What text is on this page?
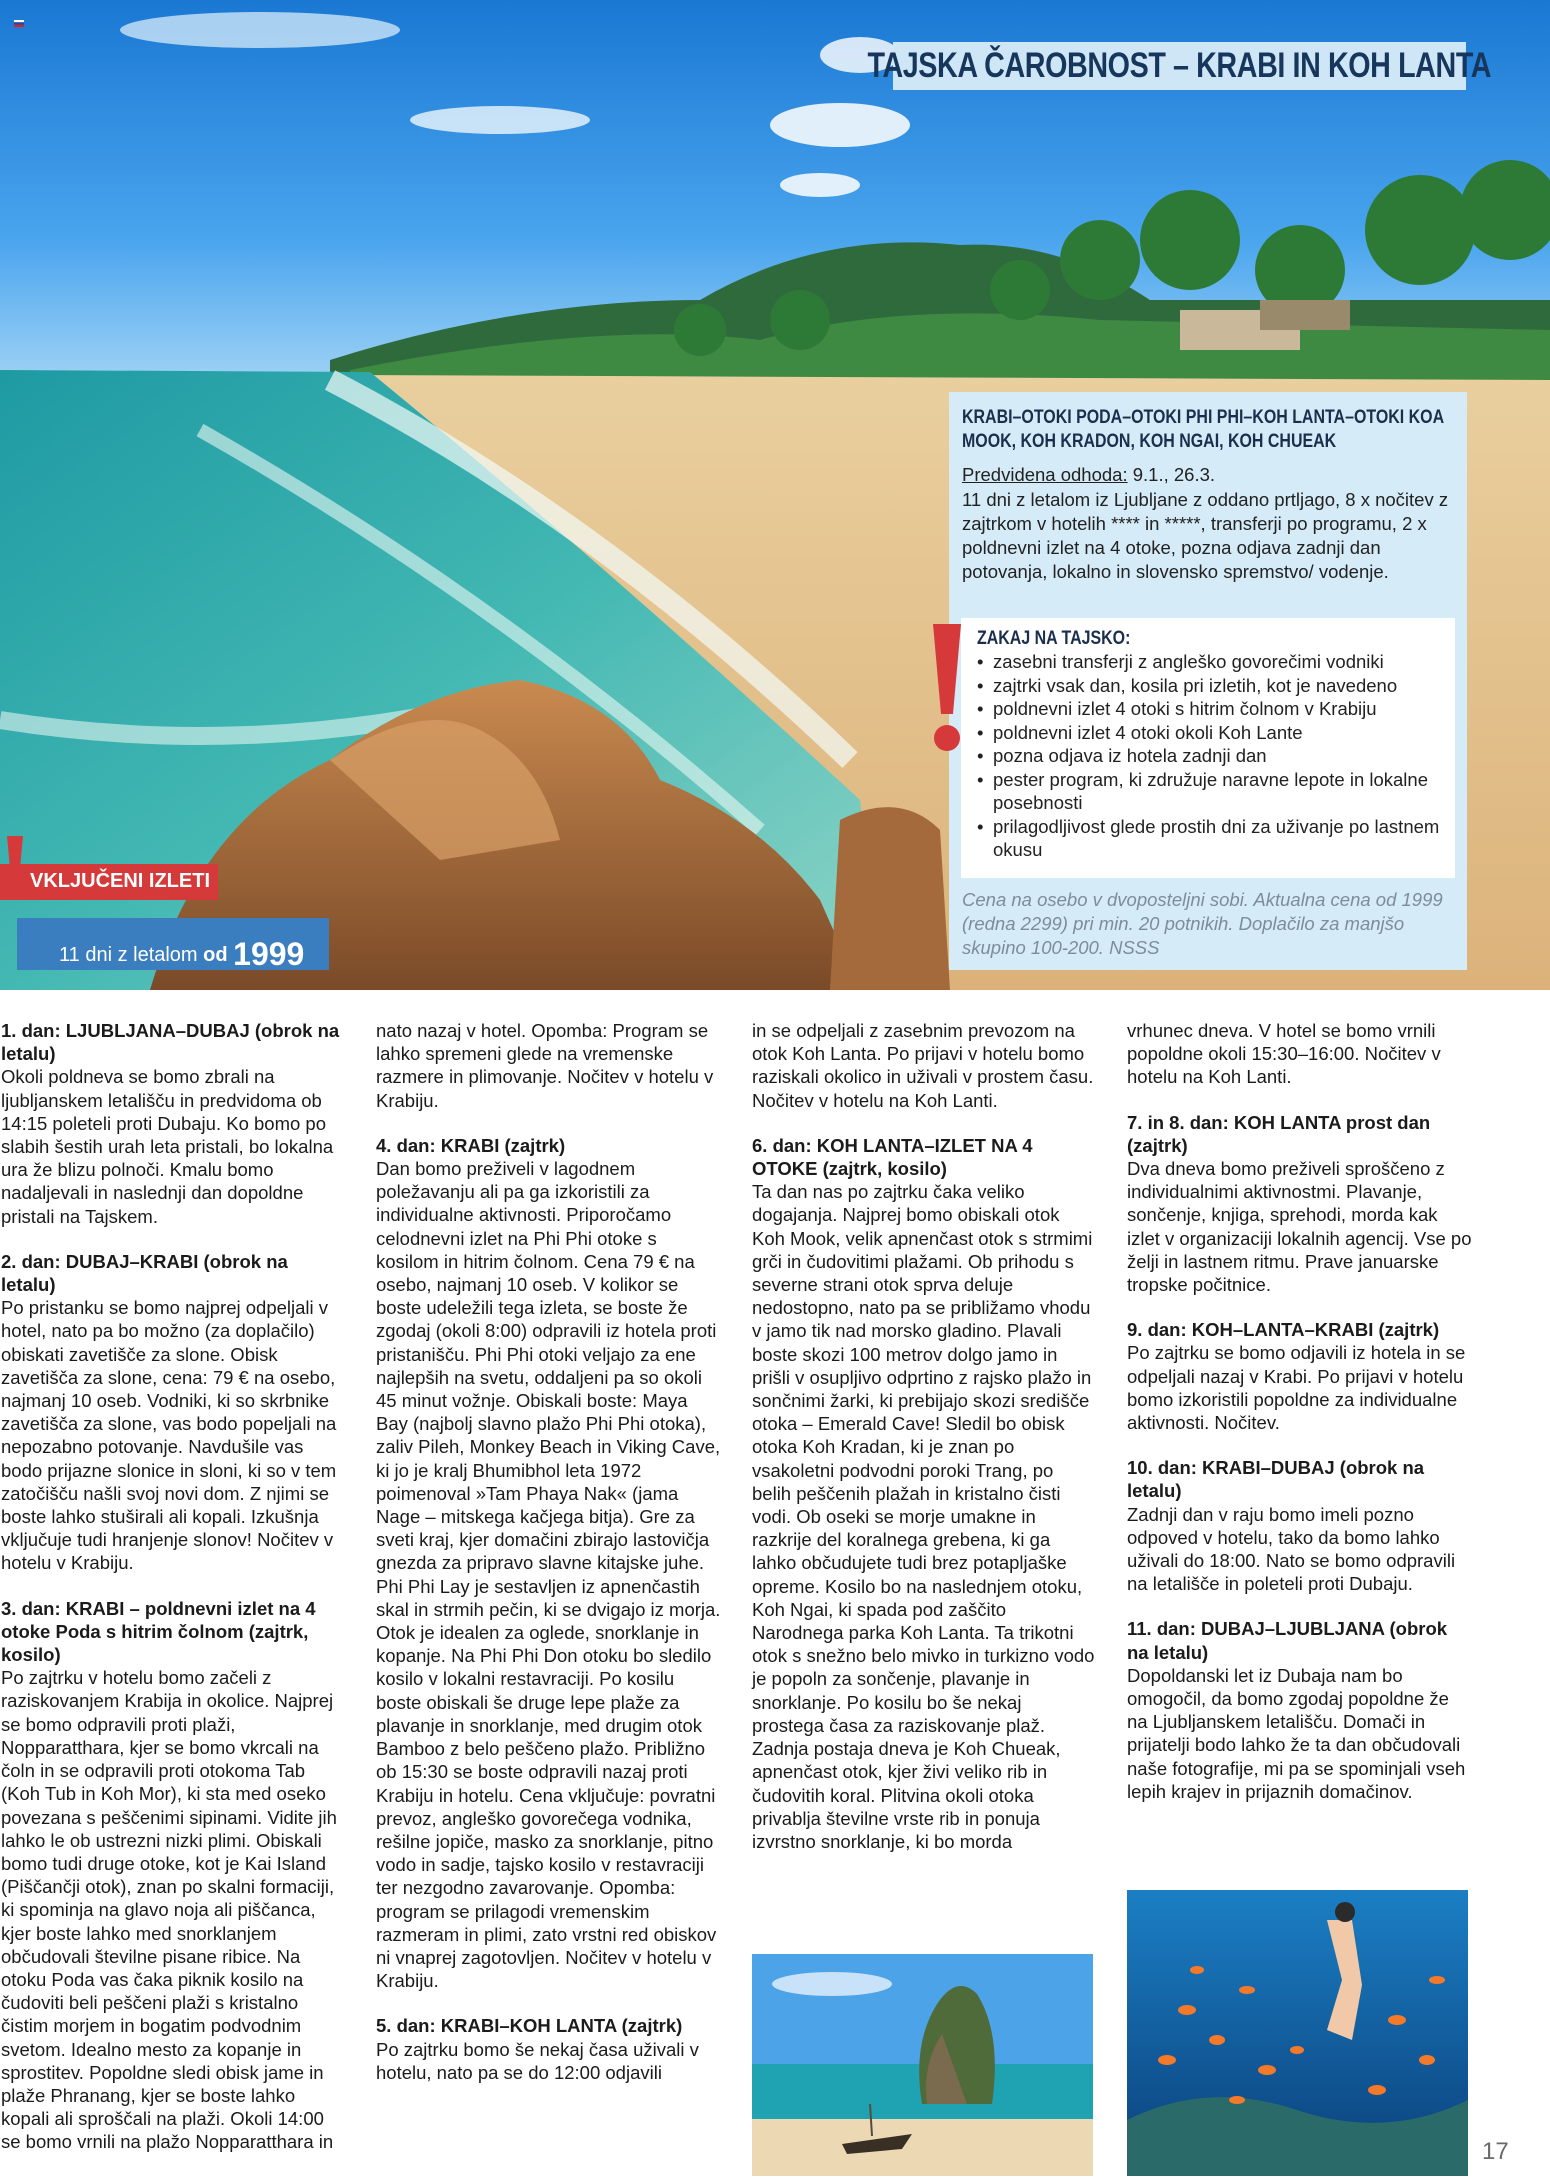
TAJSKA ČAROBNOST – KRABI IN KOH LANTA
KRABI–OTOKI PODA–OTOKI PHI PHI–KOH LANTA–OTOKI KOA MOOK, KOH KRADON, KOH NGAI, KOH CHUEAK
Predvidena odhoda: 9.1., 26.3.
11 dni z letalom iz Ljubljane z oddano prtljago, 8 x nočitev z zajtrkom v hotelih **** in *****, transferji po programu, 2 x poldnevni izlet na 4 otoke, pozna odjava zadnji dan potovanja, lokalno in slovensko spremstvo/ vodenje.
ZAKAJ NA TAJSKO:
• zasebni transferji z angleško govorečimi vodniki
• zajtrki vsak dan, kosila pri izletih, kot je navedeno
• poldnevni izlet 4 otoki s hitrim čolnom v Krabiju
• poldnevni izlet 4 otoki okoli Koh Lante
• pozna odjava iz hotela zadnji dan
• pester program, ki združuje naravne lepote in lokalne posebnosti
• prilagodljivost glede prostih dni za uživanje po lastnem okusu
Cena na osebo v dvoposteljni sobi. Aktualna cena od 1999 (redna 2299) pri min. 20 potnikih. Doplačilo za manjšo skupino 100-200. NSSS
VKLJUČENI IZLETI
11 dni z letalom od 1999

1. dan: LJUBLJANA–DUBAJ (obrok na letalu)
Okoli poldneva se bomo zbrali na ljubljanskem letališču in predvidoma ob 14:15 poleteli proti Dubaju. Ko bomo po slabih šestih urah leta pristali, bo lokalna ura že blizu polnoči. Kmalu bomo nadaljevali in naslednji dan dopoldne pristali na Tajskem.

2. dan: DUBAJ–KRABI (obrok na letalu)
Po pristanku se bomo najprej odpeljali v hotel, nato pa bo možno (za doplačilo) obiskati zavetišče za slone. Obisk zavetišča za slone, cena: 79 € na osebo, najmanj 10 oseb. Vodniki, ki so skrbnike zavetišča za slone, vas bodo popeljali na nepozabno potovanje. Navdušile vas bodo prijazne slonice in sloni, ki so v tem zatočišču našli svoj novi dom. Z njimi se boste lahko stuširali ali kopali. Izkušnja vključuje tudi hranjenje slonov! Nočitev v hotelu v Krabiju.

3. dan: KRABI – poldnevni izlet na 4 otoke Poda s hitrim čolnom (zajtrk, kosilo)
Po zajtrku v hotelu bomo začeli z raziskovanjem Krabija in okolice. Najprej se bomo odpravili proti plaži, Nopparatthara, kjer se bomo vkrcali na čoln in se odpravili proti otokoma Tab (Koh Tub in Koh Mor), ki sta med oseko povezana s peščenimi sipinami. Vidite jih lahko le ob ustrezni nizki plimi. Obiskali bomo tudi druge otoke, kot je Kai Island (Piščančji otok), znan po skalni formaciji, ki spominja na glavo noja ali piščanca, kjer boste lahko med snorklanjem občudovali številne pisane ribice. Na otoku Poda vas čaka piknik kosilo na čudoviti beli peščeni plaži s kristalno čistim morjem in bogatim podvodnim svetom. Idealno mesto za kopanje in sprostitev. Popoldne sledi obisk jame in plaže Phranang, kjer se boste lahko kopali ali sproščali na plaži. Okoli 14:00 se bomo vrnili na plažo Nopparatthara in

nato nazaj v hotel. Opomba: Program se lahko spremeni glede na vremenske razmere in plimovanje. Nočitev v hotelu v Krabiju.

4. dan: KRABI (zajtrk)
Dan bomo preživeli v lagodnem poležavanju ali pa ga izkoristili za individualne aktivnosti. Priporočamo celodnevni izlet na Phi Phi otoke s kosilom in hitrim čolnom. Cena 79 € na osebo, najmanj 10 oseb. V kolikor se boste udeležili tega izleta, se boste že zgodaj (okoli 8:00) odpravili iz hotela proti pristanišču. Phi Phi otoki veljajo za ene najlepših na svetu, oddaljeni pa so okoli 45 minut vožnje. Obiskali boste: Maya Bay (najbolj slavno plažo Phi Phi otoka), zaliv Pileh, Monkey Beach in Viking Cave, ki jo je kralj Bhumibhol leta 1972 poimenoval »Tam Phaya Nak« (jama Nage – mitskega kačjega bitja). Gre za sveti kraj, kjer domačini zbirajo lastovičja gnezda za pripravo slavne kitajske juhe. Phi Phi Lay je sestavljen iz apnenčastih skal in strmih pečin, ki se dvigajo iz morja. Otok je idealen za oglede, snorklanje in kopanje. Na Phi Phi Don otoku bo sledilo kosilo v lokalni restavraciji. Po kosilu boste obiskali še druge lepe plaže za plavanje in snorklanje, med drugim otok Bamboo z belo peščeno plažo. Približno ob 15:30 se boste odpravili nazaj proti Krabiju in hotelu. Cena vključuje: povratni prevoz, angleško govorečega vodnika, rešilne jopiče, masko za snorklanje, pitno vodo in sadje, tajsko kosilo v restavraciji ter nezgodno zavarovanje. Opomba: program se prilagodi vremenskim razmeram in plimi, zato vrstni red obiskov ni vnaprej zagotovljen. Nočitev v hotelu v Krabiju.

5. dan: KRABI–KOH LANTA (zajtrk)
Po zajtrku bomo še nekaj časa uživali v hotelu, nato pa se do 12:00 odjavili

in se odpeljali z zasebnim prevozom na otok Koh Lanta. Po prijavi v hotelu bomo raziskali okolico in uživali v prostem času. Nočitev v hotelu na Koh Lanti.

6. dan: KOH LANTA–IZLET NA 4 OTOKE (zajtrk, kosilo)
Ta dan nas po zajtrku čaka veliko dogajanja. Najprej bomo obiskali otok Koh Mook, velik apnenčast otok s strmimi grči in čudovitimi plažami. Ob prihodu s severne strani otok sprva deluje nedostopno, nato pa se približamo vhodu v jamo tik nad morsko gladino. Plavali boste skozi 100 metrov dolgo jamo in prišli v osupljivo odprtino z rajsko plažo in sončnimi žarki, ki prebijajo skozi središče otoka – Emerald Cave! Sledil bo obisk otoka Koh Kradan, ki je znan po vsakoletni podvodni poroki Trang, po belih peščenih plažah in kristalno čisti vodi. Ob oseki se morje umakne in razkrije del koralnega grebena, ki ga lahko občudujete tudi brez potapljaške opreme. Kosilo bo na naslednjem otoku, Koh Ngai, ki spada pod zaščito Narodnega parka Koh Lanta. Ta trikotni otok s snežno belo mivko in turkizno vodo je popoln za sončenje, plavanje in snorklanje. Po kosilu bo še nekaj prostega časa za raziskovanje plaž. Zadnja postaja dneva je Koh Chueak, apnenčast otok, kjer živi veliko rib in čudovitih koral. Plitvina okoli otoka privablja številne vrste rib in ponuja izvrstno snorklanje, ki bo morda

vrhunec dneva. V hotel se bomo vrnili popoldne okoli 15:30–16:00. Nočitev v hotelu na Koh Lanti.

7. in 8. dan: KOH LANTA prost dan (zajtrk)
Dva dneva bomo preživeli sproščeno z individualnimi aktivnostmi. Plavanje, sončenje, knjiga, sprehodi, morda kak izlet v organizaciji lokalnih agencij. Vse po želji in lastnem ritmu. Prave januarske tropske počitnice.

9. dan: KOH–LANTA–KRABI (zajtrk)
Po zajtrku se bomo odjavili iz hotela in se odpeljali nazaj v Krabi. Po prijavi v hotelu bomo izkoristili popoldne za individualne aktivnosti. Nočitev.

10. dan: KRABI–DUBAJ (obrok na letalu)
Zadnji dan v raju bomo imeli pozno odpoved v hotelu, tako da bomo lahko uživali do 18:00. Nato se bomo odpravili na letališče in poleteli proti Dubaju.

11. dan: DUBAJ–LJUBLJANA (obrok na letalu)
Dopoldanski let iz Dubaja nam bo omogočil, da bomo zgodaj popoldne že na Ljubljanskem letališču. Domači in prijatelji bodo lahko že ta dan občudovali naše fotografije, mi pa se spominjali vseh lepih krajev in prijaznih domačinov.

17
